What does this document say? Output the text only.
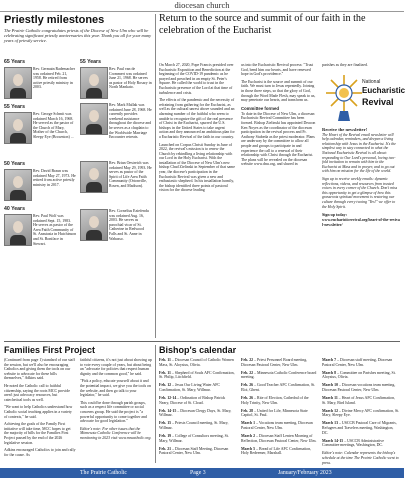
diocesan church
Priestly milestones
The Prairie Catholic congratulates priests of the Diocese of New Ulm who will be celebrating significant priestly anniversaries this year. Thank you all for your many years of priestly service.
65 Years
Rev. Germain Rademacher was ordained Feb. 21, 1958. He retired from active priestly ministry in 2003.
55 Years
Rev. George Schmit was ordained March 16, 1968. He served as the pastor of the Church of Mary, Mother of the Church, Sleepy Eye (Brownton) ...
50 Years
Rev. David Braun was ordained May 27, 1973. He retired from active priestly ministry in 2017.
40 Years
Rev. Paul Wolf was ordained Sept. 15, 1983. He serves as pastor of the Area Faith Community of St. Anastasia in Hutchinson and St. Boniface in Stewart.
55 Years
Rev. Paul van de Crommert was ordained June 21, 1968. He serves as pastor of Holy Rosary in North Mankato.
Rev. Mark Mallak was ordained June 28, 1968. He currently provides weekend assistance throughout the diocese and he serves as a chaplain to the Worldwide Marriage Encounter retreats.
Rev. Brian Oestreich was ordained May 29, 1993. He serves as pastor of the Spirit of Life Area Faith Community (Ortonville, Rosen, and Madison).
Rev. Cornelius Eziefendu was ordained Aug. 16, 2003. He serves as parochial vicar of St. Catherine in Redwood Falls and St. Anne in Wabasso.
Return to the source and summit of our faith in the celebration of the Eucharist

On March 27, 2020, Pope Francis presided over Eucharistic Exposition and Benediction at the beginning of the COVID-19 pandemic as he prayed and preached in an empty St. Peter's Square. He called the world to trust in the Eucharistic presence of the Lord at that time of turbulence and crisis.

The effects of the pandemic and the necessity of refraining from gathering for the Eucharist, as well as the cultural unrest above sounded and an alarming number of the faithful who seem to unable to recognize the gift of the real presence of Christ in the Eucharist, spurred the U.S. bishops in the United States to take urgent action and they announced an ambitious plan for a Eucharistic Revival of the faith in our country.

Launched on Corpus Christi Sunday in June of 2022, the revival's mission is to renew the Church by rekindling a living relationship with our Lord in the Holy Eucharist. With the installation of the Diocese of New Ulm's new bishop Chad Zielinski in September of that same year, the diocese's participation in the Eucharistic Revival was given a new and enthusiastic shepherd. In his installation homily, the bishop identified three points of pastoral vision for the diocese leading

us into the Eucharistic Revival process: "Trust God, bend him our hearts, and have renewed hope in God's providence."

The Eucharist is the source and summit of our faith. We must turn to Jesus repeatedly. Joining in those three steps, so that the glory of God, through the Word Made Flesh, may speak to us, may penetrate our hearts, and transform us.

Committee formed

To date in the Diocese of New Ulm, a diocesan Eucharistic Revival Committee has been formed. Bishop Zielinski has appointed Deacon Ken Noyes as the coordinator of the diocesan participation in the revival process and Fr. Anthony Stubeda as the priest moderator. Plans are underway by the committee to allow all people and groups to participate in and experience the call to a renewal of their relationship with Christ through the Eucharist. The plans will be revealed on the diocesan website www.dnu.org, and shared in

parishes as they are finalized.

National
Eucharistic
Revival
Receive the newsletter!

The Heart of the Revival email newsletter will help calendar, reminders, and deepen a living relationship with Jesus in the Eucharist. It's the simplest way to stay connected to what the National Eucharistic Revival is all about: responding to Our Lord's personal, loving two-fold invitation to remain with him in the Eucharist at Mass and in prayer, and to go out with him on mission for the life of the world.

Sign up to receive weekly emails: dynamic reflections, videos, and resources from trusted voices in every corner of the Church. Don't miss this opportunity to get a glimpse of how this grassroots spiritual movement is restoring our culture through every twoing "Yes!" we offer to the Holy Spirit.

Sign up today:
www.eucharisticrevival.org/heart-of-the-revival-newsletter/
Families First Project

(Continued from page 1) standard of our staff the session, but we'll also be encouraging Catholics and giving them the tools on our website to advocate for these bills themselves," Adkins said.

He noted the Catholic call to faithful citizenship, saying the roots MCC provide aren't just advocacy resources, but catechetical tools as well.

"We want to help Catholics understand how Catholic social teaching applies in a variety of contexts," he said.

Achieving the goals of the Family First initiative will take time, MCC hopes to get the majority of bills for the Families First Project passed by the end of the 2026 legislative session.

Adkins encouraged Catholics to join and rally for the cause. As

faithful citizens, it's not just about showing up to vote every couple of years, but about being an "advocate for policies that respect human dignity and the common good," he said.

"Pick a policy, educate yourself about it and the potential impact, we give you the tools on the website, and then go talk to your legislator," he said.

This could be done through parish groups, such as a respect life committee or social concerns group. He said the project is "a powerful opportunity to come together and advocate for good legislation."

Editor's note: For other issues that the Minnesota Catholic Conference will be monitoring in 2023 visit www.mncatholic.org.

Bishop's calendar

Feb. 11 – Diocesan Council of Catholic Women Mass, St. Aloysius, Olivia.

Feb. 11 – Shepherd of Souls AFC Confirmation, St. Philip, Litchfield.

Feb. 12 – Jesus Our Living Water AFC Confirmation, St. Mary, Willmar.

Feb. 12-14 – Ordination of Bishop Patrick Neary, Diocese of St. Cloud.

Feb. 14-15 – Diocesan Clergy Days, St. Mary, Willmar.

Feb. 15 – Priests Council meeting, St. Mary, Willmar.

Feb. 19 – College of Consultors meeting, St. Mary, Willmar.

Feb. 21 – Diocesan Staff Meeting, Diocesan Pastoral Center, New Ulm.

Feb. 22 – Priest Personnel Board meeting, Diocesan Pastoral Center, New Ulm.

Feb. 22 – Minnesota Catholic Conference board meeting.

Feb. 26 – Good Teacher AFC Confirmation, St. Eloi, Ghent.

Feb. 26 – Rite of Election, Cathedral of the Holy Trinity, New Ulm.

Feb. 28 – United for Life, Minnesota State Capitol, St. Paul.

March 1 – Vocations team meeting, Diocesan Pastoral Center, New Ulm.

March 2 – Diocesan Staff Lenten Morning of Reflection, Diocesan Pastoral Center, New Ulm.

March 5 – Bread of Life AFC Confirmation, Holy Redeemer, Marshall.

March 7 – Diocesan staff meeting, Diocesan Pastoral Center, New Ulm.

March 8 – Committee on Parishes meeting, St. Aloysius, Olivia.

March 10 – Diocesan vocations team meeting, Diocesan Pastoral Center, New Ulm.

March 11 – Heart of Jesus AFC Confirmation, St. Mary, Bird Island.

March 12 – Divine Mercy AFC confirmation, St. Mary, Sleepy Eye.

March 13 – USCCB Pastoral Care of Migrants, Refugees and Travelers meeting, Washington, DC.

March 14-15 – USCCB Administrative Committee meetings, Washington, DC.

Editor's note: Calendar represents the bishop's schedule at the time The Prairie Catholic went to press.

The Prairie Catholic	Page 3	January/February 2023
